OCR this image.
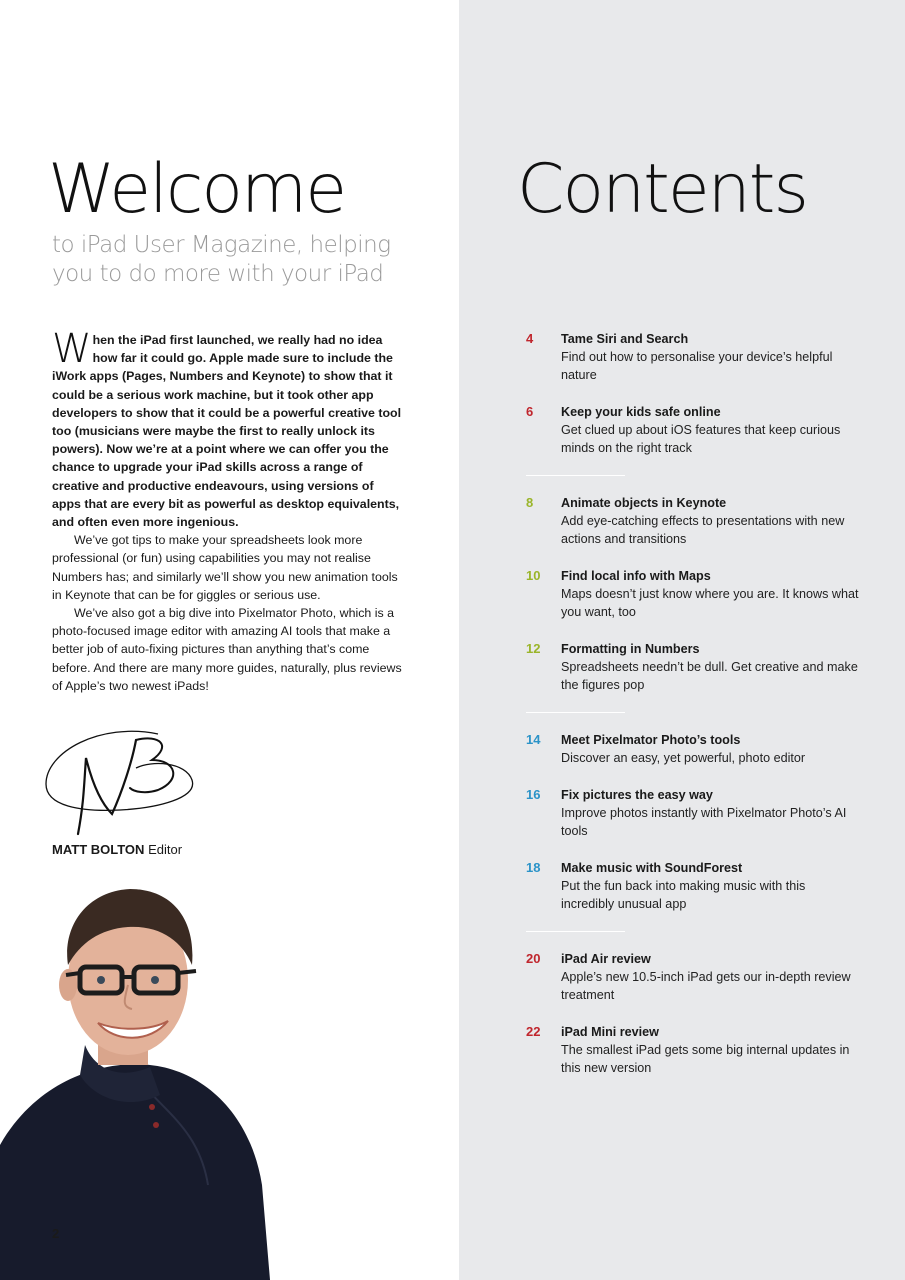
Welcome

to iPad User Magazine, helping you to do more with your iPad

When the iPad first launched, we really had no idea how far it could go. Apple made sure to include the iWork apps (Pages, Numbers and Keynote) to show that it could be a serious work machine, but it took other app developers to show that it could be a powerful creative tool too (musicians were maybe the first to really unlock its powers). Now we’re at a point where we can offer you the chance to upgrade your iPad skills across a range of creative and productive endeavours, using versions of apps that are every bit as powerful as desktop equivalents, and often even more ingenious.

We’ve got tips to make your spreadsheets look more professional (or fun) using capabilities you may not realise Numbers has; and similarly we’ll show you new animation tools in Keynote that can be for giggles or serious use.

We’ve also got a big dive into Pixelmator Photo, which is a photo-focused image editor with amazing AI tools that make a better job of auto-fixing pictures than anything that’s come before. And there are many more guides, naturally, plus reviews of Apple’s two newest iPads!

MATT BOLTON Editor
2
Contents
4 Tame Siri and Search
Find out how to personalise your device’s helpful nature
6 Keep your kids safe online
Get clued up about iOS features that keep curious minds on the right track
8 Animate objects in Keynote
Add eye-catching effects to presentations with new actions and transitions
10 Find local info with Maps
Maps doesn’t just know where you are. It knows what you want, too
12 Formatting in Numbers
Spreadsheets needn’t be dull. Get creative and make the figures pop
14 Meet Pixelmator Photo’s tools
Discover an easy, yet powerful, photo editor
16 Fix pictures the easy way
Improve photos instantly with Pixelmator Photo’s AI tools
18 Make music with SoundForest
Put the fun back into making music with this incredibly unusual app
20 iPad Air review
Apple’s new 10.5-inch iPad gets our in-depth review treatment
22 iPad Mini review
The smallest iPad gets some big internal updates in this new version
